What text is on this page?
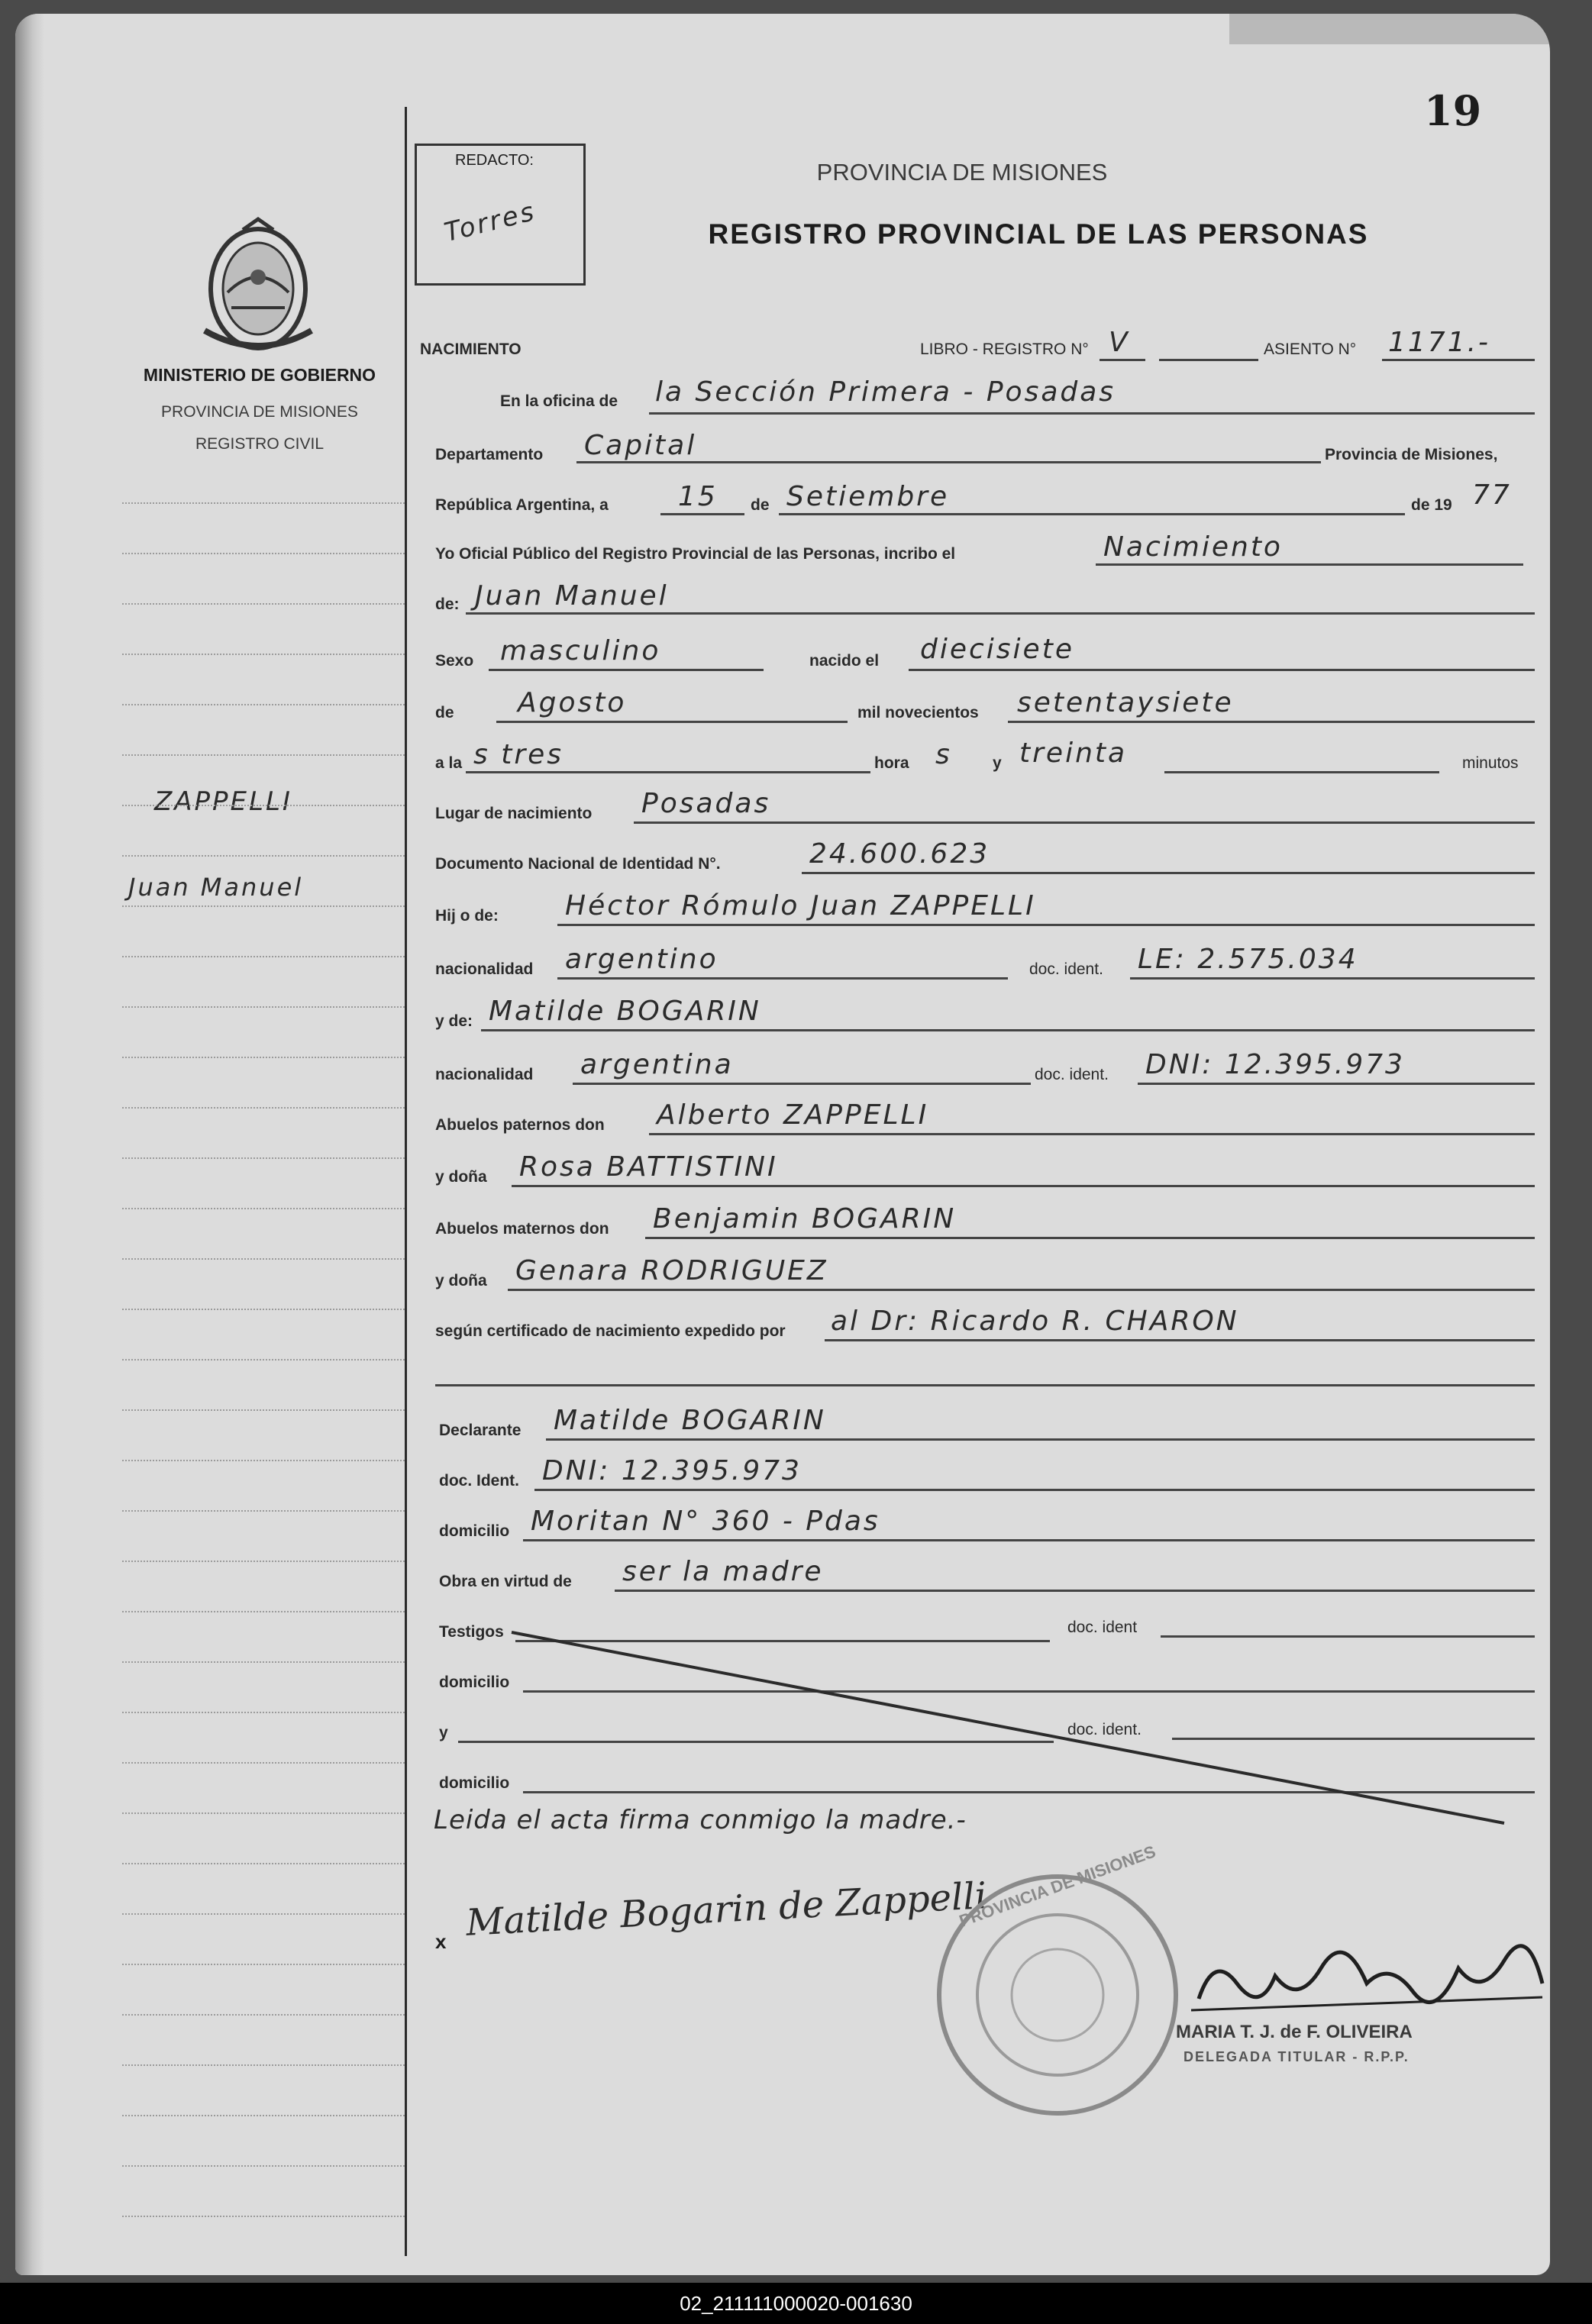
19
REDACTO:
Torres
PROVINCIA DE MISIONES
REGISTRO PROVINCIAL DE LAS PERSONAS
MINISTERIO DE GOBIERNO
PROVINCIA DE MISIONES
REGISTRO CIVIL
ZAPPELLI
Juan Manuel
NACIMIENTO	LIBRO - REGISTRO N° V	ASIENTO N° 1171.-
En la oficina de la Sección Primera - Posadas
Departamento Capital	Provincia de Misiones,
República Argentina, a	15 de Setiembre	de 19 77
Yo Oficial Público del Registro Provincial de las Personas, incribo el	Nacimiento
de: Juan Manuel
Sexo masculino	nacido el diecisiete
de Agosto	mil novecientos setentaysiete
a la s tres	hora s	y treinta	minutos
Lugar de nacimiento Posadas
Documento Nacional de Identidad N°.	24.600.623
Hij o de: Héctor Rómulo Juan ZAPPELLI
nacionalidad argentino	doc. ident. LE: 2.575.034
y de: Matilde BOGARIN
nacionalidad argentina	doc. ident. DNI: 12.395.973
Abuelos paternos don Alberto ZAPPELLI
y doña Rosa BATTISTINI
Abuelos maternos don Benjamin BOGARIN
y doña Genara RODRIGUEZ
según certificado de nacimiento expedido por al Dr: Ricardo R. CHARON
Declarante Matilde BOGARIN
doc. Ident. DNI: 12.395.973
domicilio Moritan N° 360 - Pdas
Obra en virtud de ser la madre
Testigos	doc. ident
domicilio
y	doc. ident.
domicilio
Leida el acta firma conmigo la madre.-
x Matilde Bogarin de Zappelli
PROVINCIA DE MISIONES
MARIA T. J. de F. OLIVEIRA
DELEGADA TITULAR - R.P.P.
02_211111000020-001630
